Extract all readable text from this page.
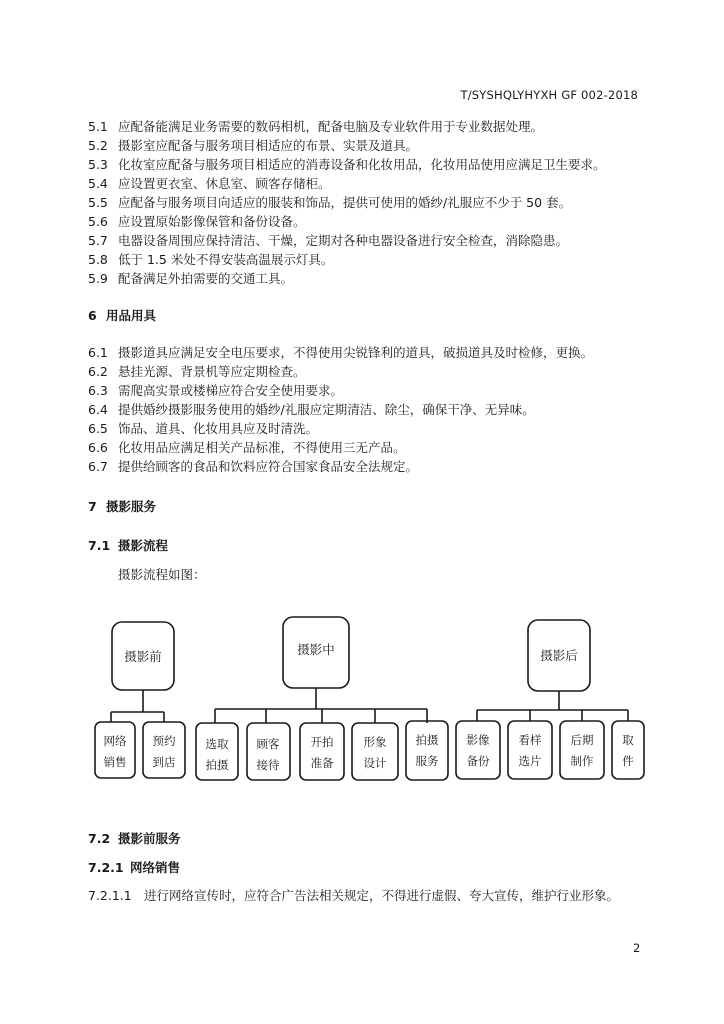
T/SYSHQLYHYXH GF 002-2018
5.1 应配备能满足业务需要的数码相机，配备电脑及专业软件用于专业数据处理。
5.2 摄影室应配备与服务项目相适应的布景、实景及道具。
5.3 化妆室应配备与服务项目相适应的消毒设备和化妆用品，化妆用品使用应满足卫生要求。
5.4 应设置更衣室、休息室、顾客存储柜。
5.5 应配备与服务项目向适应的服装和饰品，提供可使用的婚纱/礼服应不少于 50 套。
5.6 应设置原始影像保管和备份设备。
5.7 电器设备周围应保持清洁、干燥，定期对各种电器设备进行安全检查，消除隐患。
5.8 低于 1.5 米处不得安装高温展示灯具。
5.9 配备满足外拍需要的交通工具。
6 用品用具
6.1 摄影道具应满足安全电压要求，不得使用尖锐锋利的道具，破损道具及时检修，更换。
6.2 悬挂光源、背景机等应定期检查。
6.3 需爬高实景或楼梯应符合安全使用要求。
6.4 提供婚纱摄影服务使用的婚纱/礼服应定期清洁、除尘，确保干净、无异味。
6.5 饰品、道具、化妆用具应及时清洗。
6.6 化妆用品应满足相关产品标准，不得使用三无产品。
6.7 提供给顾客的食品和饮料应符合国家食品安全法规定。
7 摄影服务
7.1 摄影流程
摄影流程如图：
摄影前	摄影中	摄影后
网络
销售
预约
到店
选取
拍摄
顾客
接待
开拍
准备
形象
设计
拍摄
服务
影像
备份
看样
选片
后期
制作
取
件
7.2 摄影前服务
7.2.1 网络销售
7.2.1.1 进行网络宣传时，应符合广告法相关规定，不得进行虚假、夸大宣传，维护行业形象。
2
